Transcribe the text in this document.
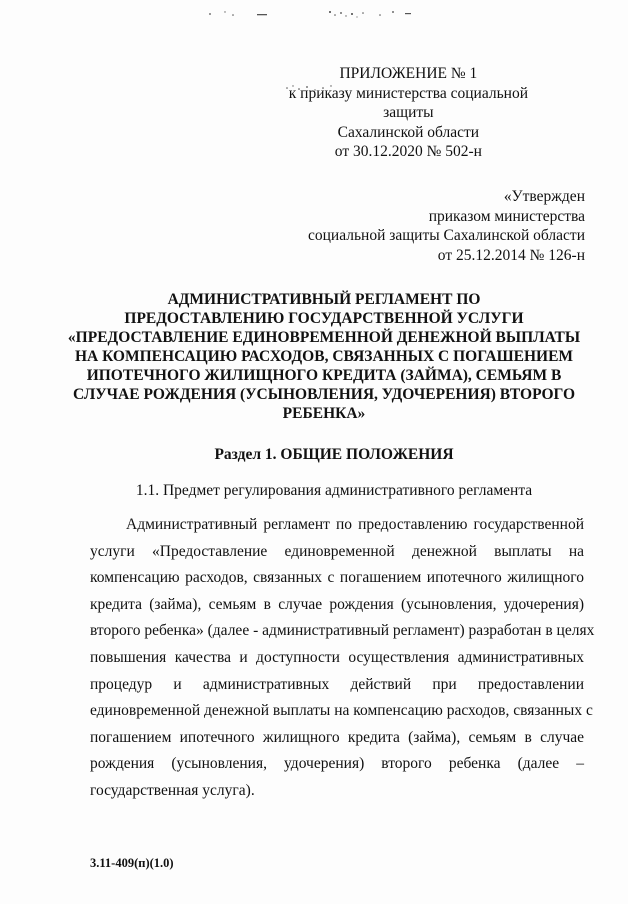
ПРИЛОЖЕНИЕ № 1
к приказу министерства социальной
защиты
Сахалинской области
от 30.12.2020 № 502-н
«Утвержден
приказом министерства
социальной защиты Сахалинской области
от 25.12.2014 № 126-н
АДМИНИСТРАТИВНЫЙ РЕГЛАМЕНТ ПО
ПРЕДОСТАВЛЕНИЮ ГОСУДАРСТВЕННОЙ УСЛУГИ
«ПРЕДОСТАВЛЕНИЕ ЕДИНОВРЕМЕННОЙ ДЕНЕЖНОЙ ВЫПЛАТЫ
НА КОМПЕНСАЦИЮ РАСХОДОВ, СВЯЗАННЫХ С ПОГАШЕНИЕМ
ИПОТЕЧНОГО ЖИЛИЩНОГО КРЕДИТА (ЗАЙМА), СЕМЬЯМ В
СЛУЧАЕ РОЖДЕНИЯ (УСЫНОВЛЕНИЯ, УДОЧЕРЕНИЯ) ВТОРОГО
РЕБЕНКА»
Раздел 1. ОБЩИЕ ПОЛОЖЕНИЯ
1.1. Предмет регулирования административного регламента
Административный регламент по предоставлению государственной
услуги «Предоставление единовременной денежной выплаты на
компенсацию расходов, связанных с погашением ипотечного жилищного
кредита (займа), семьям в случае рождения (усыновления, удочерения)
второго ребенка» (далее - административный регламент) разработан в целях
повышения качества и доступности осуществления административных
процедур и административных действий при предоставлении
единовременной денежной выплаты на компенсацию расходов, связанных с
погашением ипотечного жилищного кредита (займа), семьям в случае
рождения (усыновления, удочерения) второго ребенка (далее –
государственная услуга).
3.11-409(п)(1.0)
